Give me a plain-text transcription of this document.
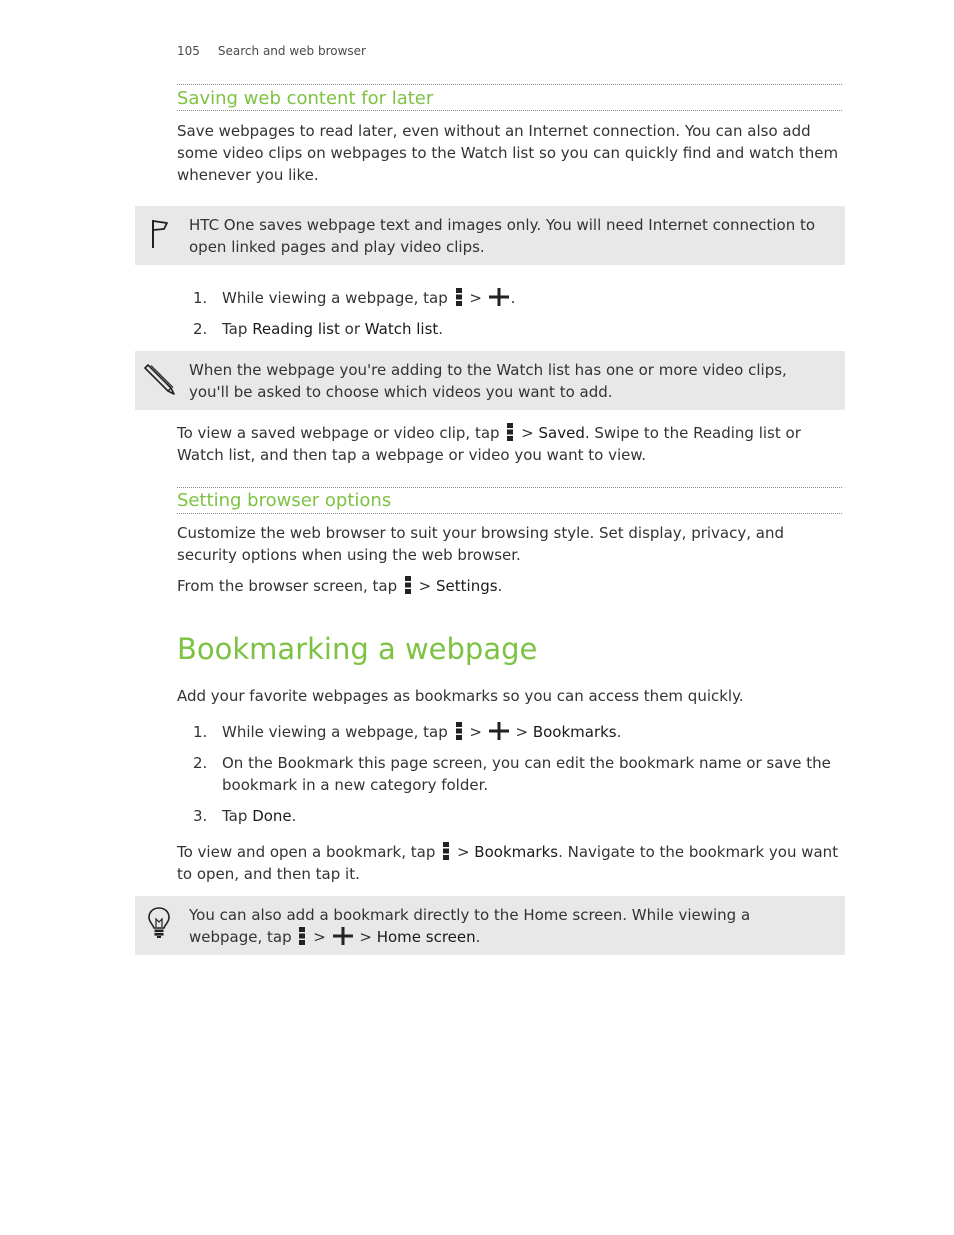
105 Search and web browser
Saving web content for later
Save webpages to read later, even without an Internet connection. You can also add some video clips on webpages to the Watch list so you can quickly find and watch them whenever you like.
HTC One saves webpage text and images only. You will need Internet connection to open linked pages and play video clips.
1. While viewing a webpage, tap > .
2. Tap Reading list or Watch list.
When the webpage you're adding to the Watch list has one or more video clips, you'll be asked to choose which videos you want to add.
To view a saved webpage or video clip, tap > Saved. Swipe to the Reading list or Watch list, and then tap a webpage or video you want to view.
Setting browser options
Customize the web browser to suit your browsing style. Set display, privacy, and security options when using the web browser.
From the browser screen, tap > Settings.
Bookmarking a webpage
Add your favorite webpages as bookmarks so you can access them quickly.
1. While viewing a webpage, tap > > Bookmarks.
2. On the Bookmark this page screen, you can edit the bookmark name or save the bookmark in a new category folder.
3. Tap Done.
To view and open a bookmark, tap > Bookmarks. Navigate to the bookmark you want to open, and then tap it.
You can also add a bookmark directly to the Home screen. While viewing a
webpage, tap > > Home screen.
